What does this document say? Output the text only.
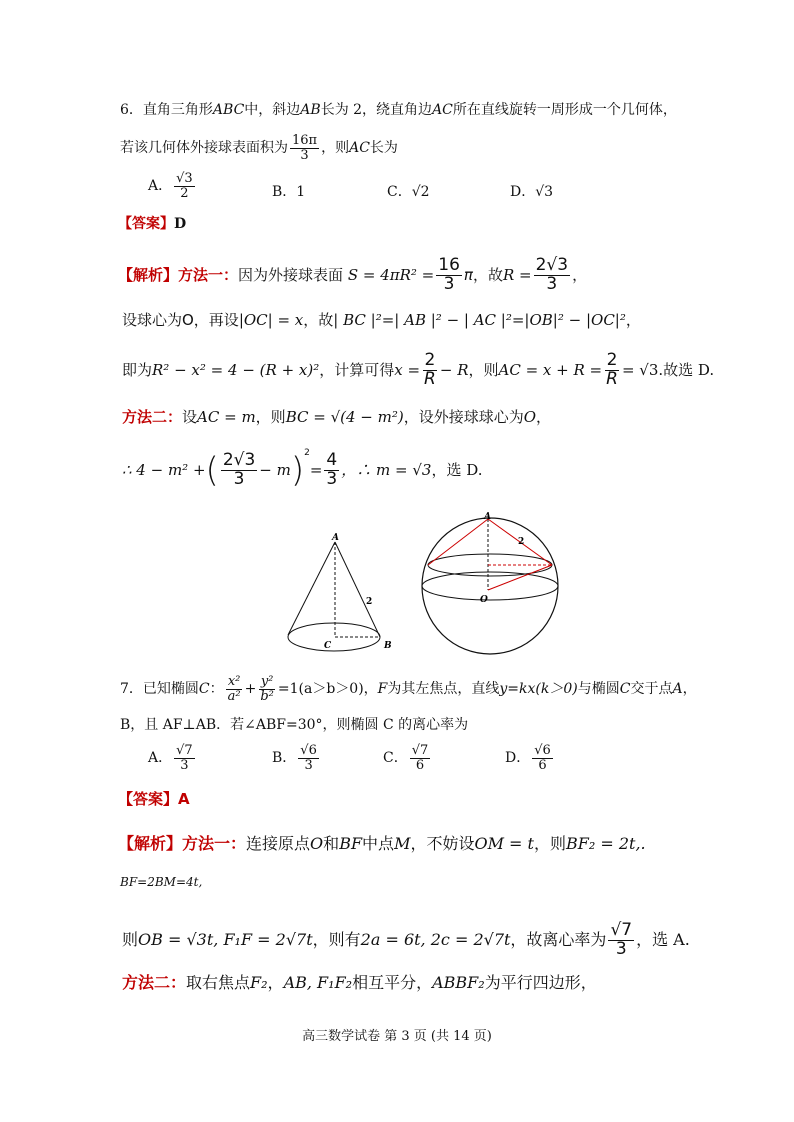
6．直角三角形ABC中，斜边AB长为 2，绕直角边AC所在直线旋转一周形成一个几何体，
若该几何体外接球表面积为 $\frac{16\pi}{3}$ ，则AC长为
A． $\frac{√3}{2}$	B．1	C．√2	D．√3
【答案】D
【解析】方法一：因为外接球表面 $S = 4\pi R^2 = \frac{16}{3}$ π，故$R = \frac{2√3}{3}$ ，
设球心为O，再设|OC| = x，故| BC |²=| AB |² − | AC |²=|OB|² − |OC|²，
即为R² − x² = 4 − (R + x)²，计算可得$x = \frac{2}{R} - R$，则AC = $x + R = \frac{2}{R} = √3$.故选 D.
方法二：设AC = m，则BC = √(4 − m²)，设外接球球心为O，
∴ 4 − m² +( $\frac{2√3}{3} - m)^2= \frac{4}{3}$ ，∴ m = √3，选 D.
A
2
C	B
A
2
O
7．已知椭圆C： $\frac{\text{x²}}{\text{a²}} + \frac{\text{y²}}{\text{b²}} =1(a>b>0)$，F为其左焦点，直线y=kx(k＞0)与椭圆C交于点A，
B，且 AF⊥AB．若∠ABF=30°，则椭圆 C 的离心率为
A． $\frac{√7}{3}$	B． $\frac{√6}{3}$	C． $\frac{√7}{6}$	D． $\frac{√6}{6}$
【答案】A
【解析】方法一：连接原点O和BF中点M，不妨设OM = t，则BF₂ = 2t,.
BF=2BM=4t,
则OB = √3t, F₁F = 2√7t，则有2a = 6t, 2c = 2√7t，故离心率为 $\frac{√7}{3}$ ，选 A.
方法二：取右焦点F₂，AB, F₁F₂相互平分，ABBF₂为平行四边形，
高三数学试卷 第 3 页 (共 14 页)
